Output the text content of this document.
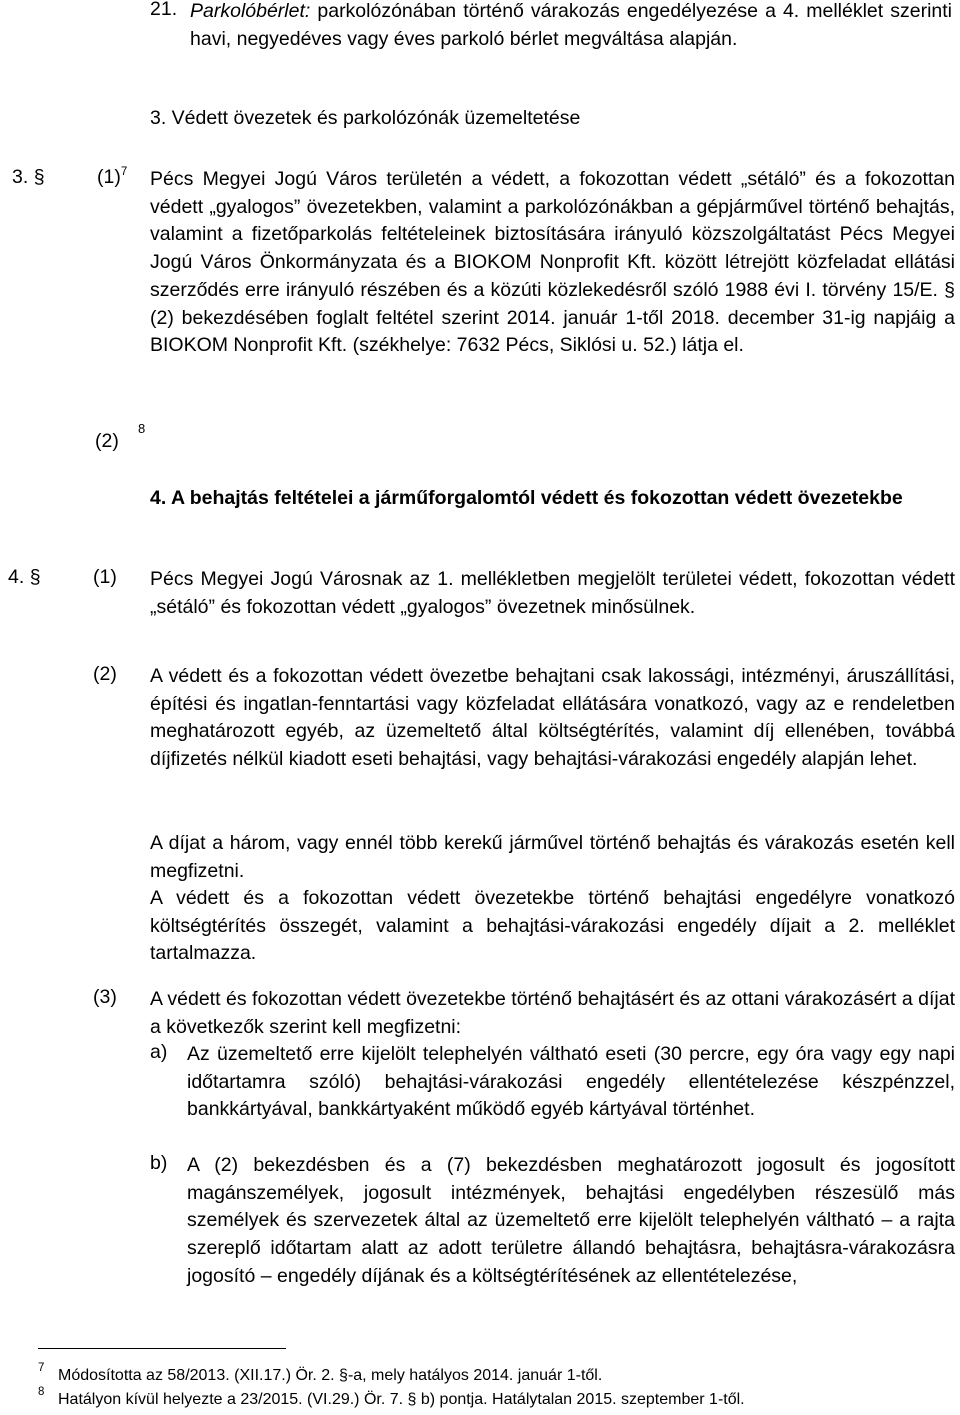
21. Parkolóbérlet: parkolózónában történő várakozás engedélyezése a 4. melléklet szerinti havi, negyedéves vagy éves parkoló bérlet megváltása alapján.
3. Védett övezetek és parkolózónák üzemeltetése
3. §	$(1)^7$ Pécs Megyei Jogú Város területén a védett, a fokozottan védett „sétáló” és a fokozottan védett „gyalogos” övezetekben, valamint a parkolózónákban a gépjárművel történő behajtás, valamint a fizetőparkolás feltételeinek biztosítására irányuló közszolgáltatást Pécs Megyei Jogú Város Önkormányzata és a BIOKOM Nonprofit Kft. között létrejött közfeladat ellátási szerződés erre irányuló részében és a közúti közlekedésről szóló 1988 évi I. törvény 15/E. § (2) bekezdésében foglalt feltétel szerint 2014. január 1-től 2018. december 31-ig napjáig a BIOKOM Nonprofit Kft. (székhelye: 7632 Pécs, Siklósi u. 52.) látja el.
(2)
8
4. A behajtás feltételei a járműforgalomtól védett és fokozottan védett övezetekbe
4. §	(1) Pécs Megyei Jogú Városnak az 1. mellékletben megjelölt területei védett, fokozottan védett „sétáló” és fokozottan védett „gyalogos” övezetnek minősülnek.
(2) A védett és a fokozottan védett övezetbe behajtani csak lakossági, intézményi, áruszállítási, építési és ingatlan-fenntartási vagy közfeladat ellátására vonatkozó, vagy az e rendeletben meghatározott egyéb, az üzemeltető által költségtérítés, valamint díj ellenében, továbbá díjfizetés nélkül kiadott eseti behajtási, vagy behajtási-várakozási engedély alapján lehet.
A díjat a három, vagy ennél több kerekű járművel történő behajtás és várakozás esetén kell megfizetni.
A védett és a fokozottan védett övezetekbe történő behajtási engedélyre vonatkozó költségtérítés összegét, valamint a behajtási-várakozási engedély díjait a 2. melléklet tartalmazza.
(3) A védett és fokozottan védett övezetekbe történő behajtásért és az ottani várakozásért a díjat a következők szerint kell megfizetni:
a) Az üzemeltető erre kijelölt telephelyén váltható eseti (30 percre, egy óra vagy egy napi időtartamra szóló) behajtási-várakozási engedély ellentételezése készpénzzel, bankkártyával, bankkártyaként működő egyéb kártyával történhet.
b) A (2) bekezdésben és a (7) bekezdésben meghatározott jogosult és jogosított magánszemélyek, jogosult intézmények, behajtási engedélyben részesülő más személyek és szervezetek által az üzemeltető erre kijelölt telephelyén váltható – a rajta szereplő időtartam alatt az adott területre állandó behajtásra, behajtásra-várakozásra jogosító – engedély díjának és a költségtérítésének az ellentételezése,
7 Módosította az 58/2013. (XII.17.) Ör. 2. §-a, mely hatályos 2014. január 1-től.
8 Hatályon kívül helyezte a 23/2015. (VI.29.) Ör. 7. § b) pontja. Hatálytalan 2015. szeptember 1-től.
